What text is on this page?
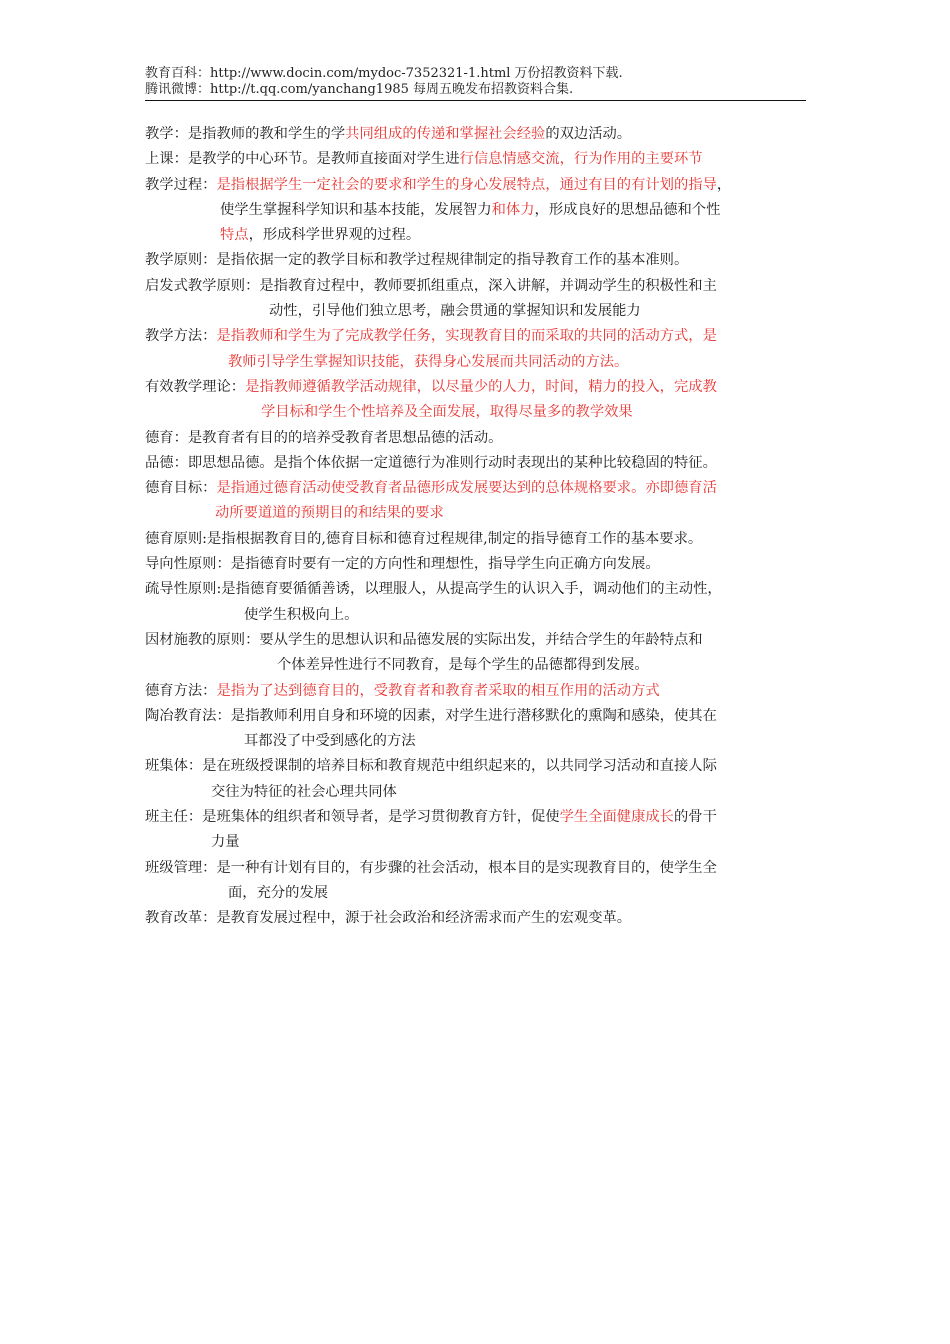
教育百科：http://www.docin.com/mydoc-7352321-1.html 万份招教资料下载.
腾讯微博：http://t.qq.com/yanchang1985 每周五晚发布招教资料合集.
教学：是指教师的教和学生的学共同组成的传递和掌握社会经验的双边活动。
上课：是教学的中心环节。是教师直接面对学生进行信息情感交流，行为作用的主要环节
教学过程：是指根据学生一定社会的要求和学生的身心发展特点，通过有目的有计划的指导，
使学生掌握科学知识和基本技能，发展智力和体力，形成良好的思想品德和个性
特点，形成科学世界观的过程。
教学原则：是指依据一定的教学目标和教学过程规律制定的指导教育工作的基本准则。
启发式教学原则：是指教育过程中，教师要抓组重点，深入讲解，并调动学生的积极性和主
动性，引导他们独立思考，融会贯通的掌握知识和发展能力
教学方法：是指教师和学生为了完成教学任务，实现教育目的而采取的共同的活动方式，是
教师引导学生掌握知识技能，获得身心发展而共同活动的方法。
有效教学理论：是指教师遵循教学活动规律，以尽量少的人力，时间，精力的投入，完成教
学目标和学生个性培养及全面发展，取得尽量多的教学效果
德育：是教育者有目的的培养受教育者思想品德的活动。
品德：即思想品德。是指个体依据一定道德行为准则行动时表现出的某种比较稳固的特征。
德育目标：是指通过德育活动使受教育者品德形成发展要达到的总体规格要求。亦即德育活
动所要道道的预期目的和结果的要求
德育原则:是指根据教育目的,德育目标和德育过程规律,制定的指导德育工作的基本要求。
导向性原则：是指德育时要有一定的方向性和理想性，指导学生向正确方向发展。
疏导性原则:是指德育要循循善诱，以理服人，从提高学生的认识入手，调动他们的主动性，
使学生积极向上。
因材施教的原则：要从学生的思想认识和品德发展的实际出发，并结合学生的年龄特点和
个体差异性进行不同教育，是每个学生的品德都得到发展。
德育方法：是指为了达到德育目的，受教育者和教育者采取的相互作用的活动方式
陶冶教育法：是指教师利用自身和环境的因素，对学生进行潜移默化的熏陶和感染，使其在
耳都没了中受到感化的方法
班集体：是在班级授课制的培养目标和教育规范中组织起来的，以共同学习活动和直接人际
交往为特征的社会心理共同体
班主任：是班集体的组织者和领导者，是学习贯彻教育方针，促使学生全面健康成长的骨干
力量
班级管理：是一种有计划有目的，有步骤的社会活动，根本目的是实现教育目的，使学生全
面，充分的发展
教育改革：是教育发展过程中，源于社会政治和经济需求而产生的宏观变革。
